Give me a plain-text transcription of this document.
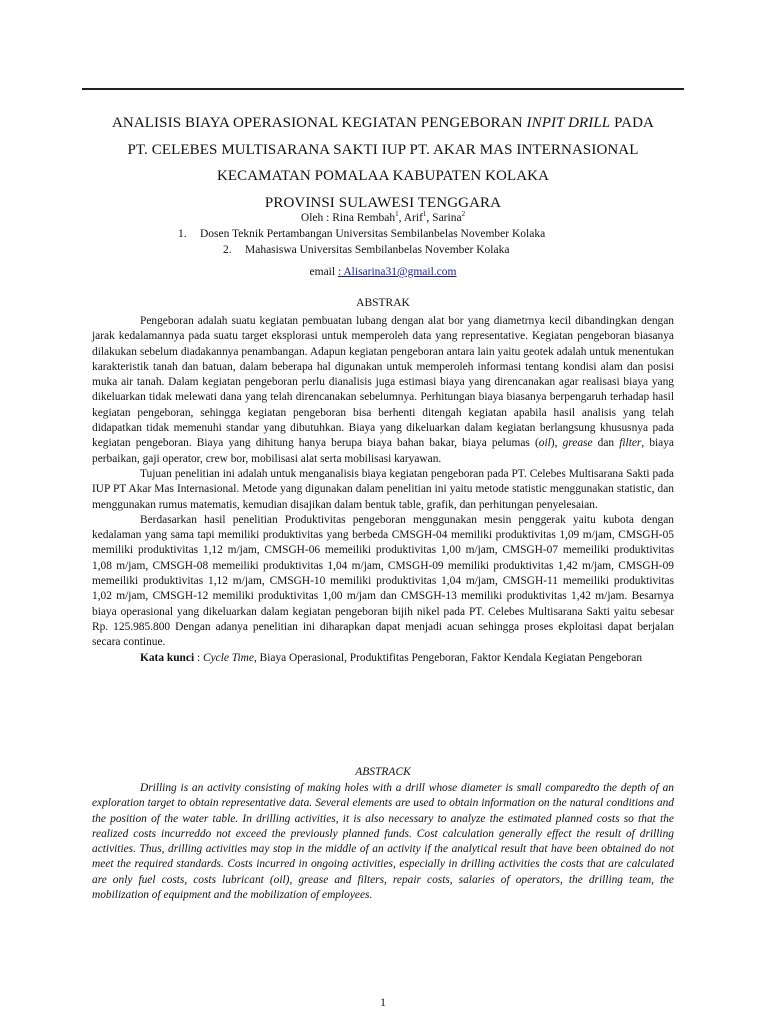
ANALISIS BIAYA OPERASIONAL KEGIATAN PENGEBORAN INPIT DRILL PADA
PT. CELEBES MULTISARANA SAKTI IUP PT. AKAR MAS INTERNASIONAL
KECAMATAN POMALAA KABUPATEN KOLAKA
PROVINSI SULAWESI TENGGARA
Oleh : Rina Rembah$^1$, Arif$^1$, Sarina$^2$
1. Dosen Teknik Pertambangan Universitas Sembilanbelas November Kolaka
2. Mahasiswa Universitas Sembilanbelas November Kolaka
email : Alisarina31@gmail.com
ABSTRAK

Pengeboran adalah suatu kegiatan pembuatan lubang dengan alat bor yang diametrnya kecil dibandingkan dengan jarak kedalamannya pada suatu target eksplorasi untuk memperoleh data yang representative. Kegiatan pengeboran biasanya dilakukan sebelum diadakannya penambangan. Adapun kegiatan pengeboran antara lain yaitu geotek adalah untuk menentukan karakteristik tanah dan batuan, dalam beberapa hal digunakan untuk memperoleh informasi tentang kondisi alam dan posisi muka air tanah. Dalam kegiatan pengeboran perlu dianalisis juga estimasi biaya yang direncanakan agar realisasi biaya yang dikeluarkan tidak melewati dana yang telah direncanakan sebelumnya. Perhitungan biaya biasanya berpengaruh terhadap hasil kegiatan pengeboran, sehingga kegiatan pengeboran bisa berhenti ditengah kegiatan apabila hasil analisis yang telah didapatkan tidak memenuhi standar yang dibutuhkan. Biaya yang dikeluarkan dalam kegiatan berlangsung khususnya pada kegiatan pengeboran. Biaya yang dihitung hanya berupa biaya bahan bakar, biaya pelumas (oil), grease dan filter, biaya perbaikan, gaji operator, crew bor, mobilisasi alat serta mobilisasi karyawan.

Tujuan penelitian ini adalah untuk menganalisis biaya kegiatan pengeboran pada PT. Celebes Multisarana Sakti pada IUP PT Akar Mas Internasional. Metode yang digunakan dalam penelitian ini yaitu metode statistic menggunakan statistic, dan menggunakan rumus matematis, kemudian disajikan dalam bentuk table, grafik, dan perhitungan penyelesaian.

Berdasarkan hasil penelitian Produktivitas pengeboran menggunakan mesin penggerak yaitu kubota dengan kedalaman yang sama tapi memiliki produktivitas yang berbeda CMSGH-04 memiliki produktivitas 1,09 m/jam, CMSGH-05 memiliki produktivitas 1,12 m/jam, CMSGH-06 memeiliki produktivitas 1,00 m/jam, CMSGH-07 memeiliki produktivitas 1,08 m/jam, CMSGH-08 memeiliki produktivitas 1,04 m/jam, CMSGH-09 memiliki produktivitas 1,42 m/jam, CMSGH-09 memeiliki produktivitas 1,12 m/jam, CMSGH-10 memiliki produktivitas 1,04 m/jam, CMSGH-11 memeiliki produktivitas 1,02 m/jam, CMSGH-12 memiliki produktivitas 1,00 m/jam dan CMSGH-13 memiliki produktivitas 1,42 m/jam. Besarnya biaya operasional yang dikeluarkan dalam kegiatan pengeboran bijih nikel pada PT. Celebes Multisarana Sakti yaitu sebesar Rp. 125.985.800 Dengan adanya penelitian ini diharapkan dapat menjadi acuan sehingga proses ekploitasi dapat berjalan secara continue.

Kata kunci : Cycle Time, Biaya Operasional, Produktifitas Pengeboran, Faktor Kendala Kegiatan Pengeboran

ABSTRACK

Drilling is an activity consisting of making holes with a drill whose diameter is small comparedto the depth of an exploration target to obtain representative data. Several elements are used to obtain information on the natural conditions and the position of the water table. In drilling activities, it is also necessary to analyze the estimated planned costs so that the realized costs incurreddo not exceed the previously planned funds. Cost calculation generally effect the result of drilling activities. Thus, drilling activities may stop in the middle of an activity if the analytical result that have been obtained do not meet the required standards. Costs incurred in ongoing activities, especially in drilling activities the costs that are calculated are only fuel costs, costs lubricant (oil), grease and filters, repair costs, salaries of operators, the drilling team, the mobilization of equipment and the mobilization of employees.

1
